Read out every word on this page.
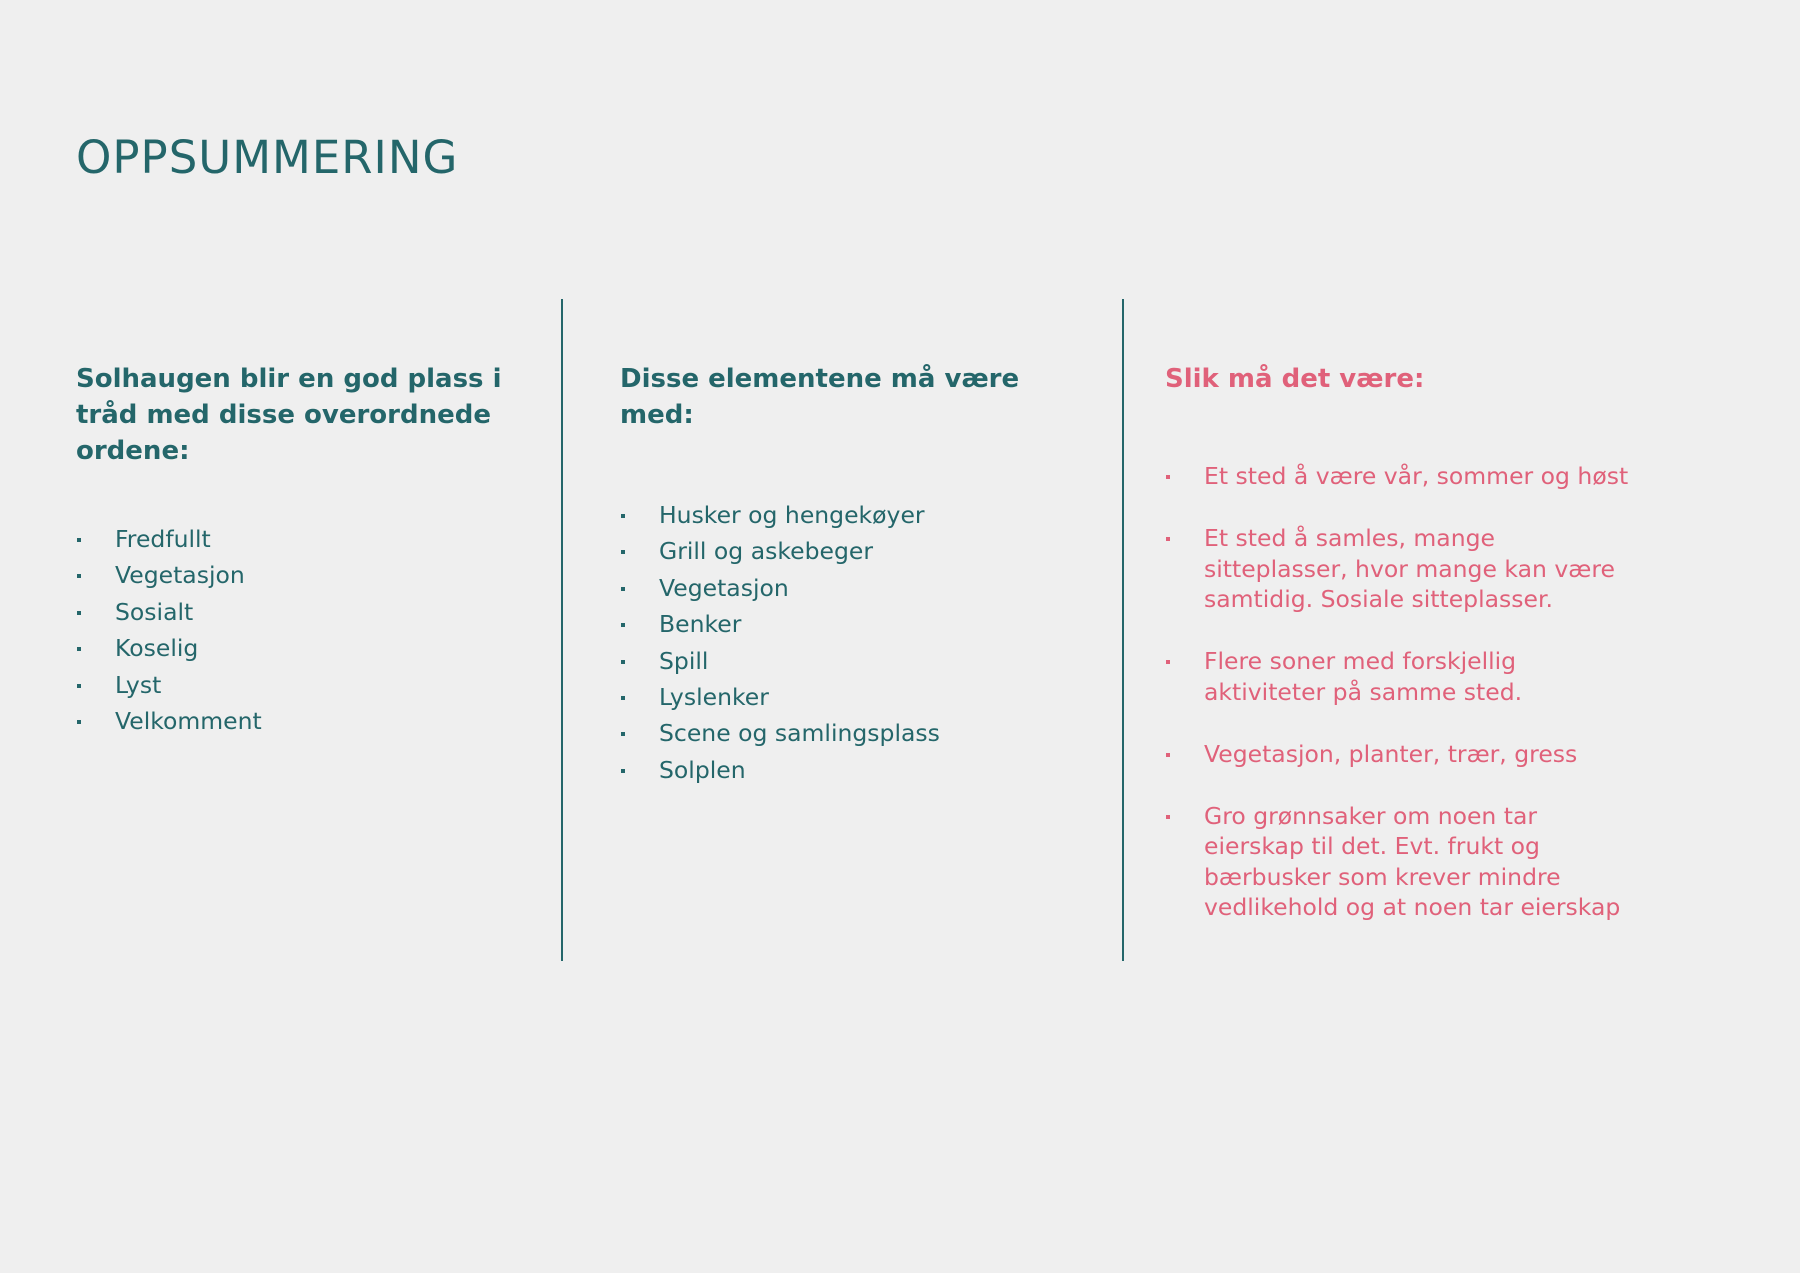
OPPSUMMERING
Solhaugen blir en god plass i tråd med disse overordnede ordene:
Fredfullt
Vegetasjon
Sosialt
Koselig
Lyst
Velkomment
Disse elementene må være med:
Husker og hengekøyer
Grill og askebeger
Vegetasjon
Benker
Spill
Lyslenker
Scene og samlingsplass
Solplen
Slik må det være:
Et sted å være vår, sommer og høst
Et sted å samles, mange sitteplasser, hvor mange kan være samtidig. Sosiale sitteplasser.
Flere soner med forskjellig aktiviteter på samme sted.
Vegetasjon, planter, trær, gress
Gro grønnsaker om noen tar eierskap til det. Evt. frukt og bærbusker som krever mindre vedlikehold og at noen tar eierskap
